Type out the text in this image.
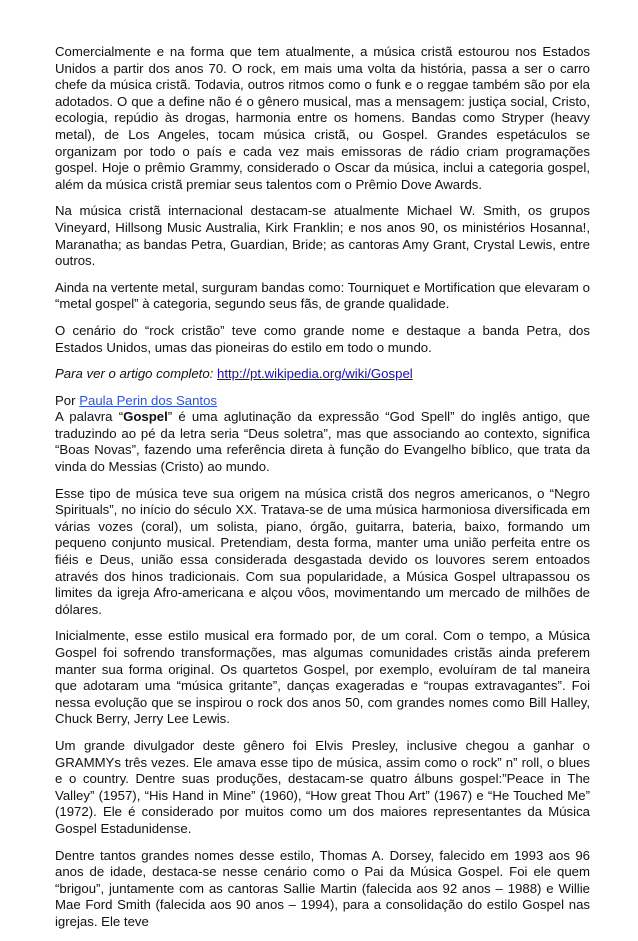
Comercialmente e na forma que tem atualmente, a música cristã estourou nos Estados Unidos a partir dos anos 70. O rock, em mais uma volta da história, passa a ser o carro chefe da música cristã. Todavia, outros ritmos como o funk e o reggae também são por ela adotados. O que a define não é o gênero musical, mas a mensagem: justiça social, Cristo, ecologia, repúdio às drogas, harmonia entre os homens. Bandas como Stryper (heavy metal), de Los Angeles, tocam música cristã, ou Gospel. Grandes espetáculos se organizam por todo o país e cada vez mais emissoras de rádio criam programações gospel. Hoje o prêmio Grammy, considerado o Oscar da música, inclui a categoria gospel, além da música cristã premiar seus talentos com o Prêmio Dove Awards.

Na música cristã internacional destacam-se atualmente Michael W. Smith, os grupos Vineyard, Hillsong Music Australia, Kirk Franklin; e nos anos 90, os ministérios Hosanna!, Maranatha; as bandas Petra, Guardian, Bride; as cantoras Amy Grant, Crystal Lewis, entre outros.

Ainda na vertente metal, surguram bandas como: Tourniquet e Mortification que elevaram o “metal gospel” à categoria, segundo seus fãs, de grande qualidade.

O cenário do “rock cristão” teve como grande nome e destaque a banda Petra, dos Estados Unidos, umas das pioneiras do estilo em todo o mundo.

Para ver o artigo completo: http://pt.wikipedia.org/wiki/Gospel

Por Paula Perin dos Santos

A palavra “Gospel” é uma aglutinação da expressão “God Spell” do inglês antigo, que traduzindo ao pé da letra seria “Deus soletra”, mas que associando ao contexto, significa “Boas Novas”, fazendo uma referência direta à função do Evangelho bíblico, que trata da vinda do Messias (Cristo) ao mundo.

Esse tipo de música teve sua origem na música cristã dos negros americanos, o “Negro Spirituals”, no início do século XX. Tratava-se de uma música harmoniosa diversificada em várias vozes (coral), um solista, piano, órgão, guitarra, bateria, baixo, formando um pequeno conjunto musical. Pretendiam, desta forma, manter uma união perfeita entre os fiéis e Deus, união essa considerada desgastada devido os louvores serem entoados através dos hinos tradicionais. Com sua popularidade, a Música Gospel ultrapassou os limites da igreja Afro-americana e alçou vôos, movimentando um mercado de milhões de dólares.

Inicialmente, esse estilo musical era formado por, de um coral. Com o tempo, a Música Gospel foi sofrendo transformações, mas algumas comunidades cristãs ainda preferem manter sua forma original. Os quartetos Gospel, por exemplo, evoluíram de tal maneira que adotaram uma “música gritante”, danças exageradas e “roupas extravagantes”. Foi nessa evolução que se inspirou o rock dos anos 50, com grandes nomes como Bill Halley, Chuck Berry, Jerry Lee Lewis.

Um grande divulgador deste gênero foi Elvis Presley, inclusive chegou a ganhar o GRAMMYs três vezes. Ele amava esse tipo de música, assim como o rock” n” roll, o blues e o country. Dentre suas produções, destacam-se quatro álbuns gospel:”Peace in The Valley” (1957), “His Hand in Mine” (1960), “How great Thou Art” (1967) e “He Touched Me” (1972). Ele é considerado por muitos como um dos maiores representantes da Música Gospel Estadunidense.

Dentre tantos grandes nomes desse estilo, Thomas A. Dorsey, falecido em 1993 aos 96 anos de idade, destaca-se nesse cenário como o Pai da Música Gospel. Foi ele quem “brigou”, juntamente com as cantoras Sallie Martin (falecida aos 92 anos – 1988) e Willie Mae Ford Smith (falecida aos 90 anos – 1994), para a consolidação do estilo Gospel nas igrejas. Ele teve
